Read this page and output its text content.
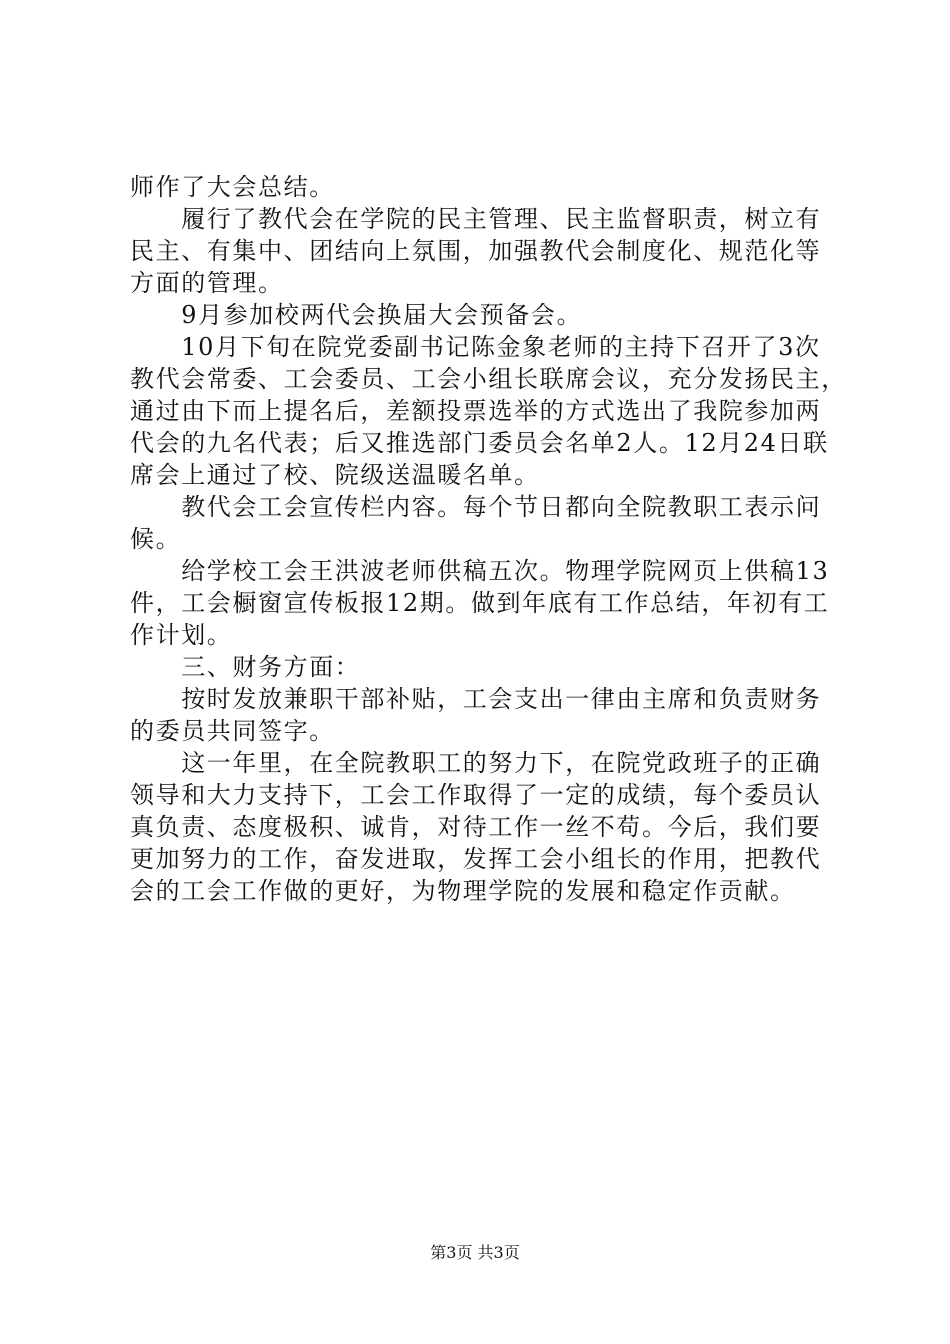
师作了大会总结。
　　履行了教代会在学院的民主管理、民主监督职责，树立有
民主、有集中、团结向上氛围，加强教代会制度化、规范化等
方面的管理。
　　9月参加校两代会换届大会预备会。
　　10月下旬在院党委副书记陈金象老师的主持下召开了3次
教代会常委、工会委员、工会小组长联席会议，充分发扬民主，
通过由下而上提名后，差额投票选举的方式选出了我院参加两
代会的九名代表；后又推选部门委员会名单2人。12月24日联
席会上通过了校、院级送温暖名单。
　　教代会工会宣传栏内容。每个节日都向全院教职工表示问
候。
　　给学校工会王洪波老师供稿五次。物理学院网页上供稿13
件，工会橱窗宣传板报12期。做到年底有工作总结，年初有工
作计划。
　　三、财务方面：
　　按时发放兼职干部补贴，工会支出一律由主席和负责财务
的委员共同签字。
　　这一年里，在全院教职工的努力下，在院党政班子的正确
领导和大力支持下，工会工作取得了一定的成绩，每个委员认
真负责、态度极积、诚肯，对待工作一丝不苟。今后，我们要
更加努力的工作，奋发进取，发挥工会小组长的作用，把教代
会的工会工作做的更好，为物理学院的发展和稳定作贡献。
第3页 共3页
